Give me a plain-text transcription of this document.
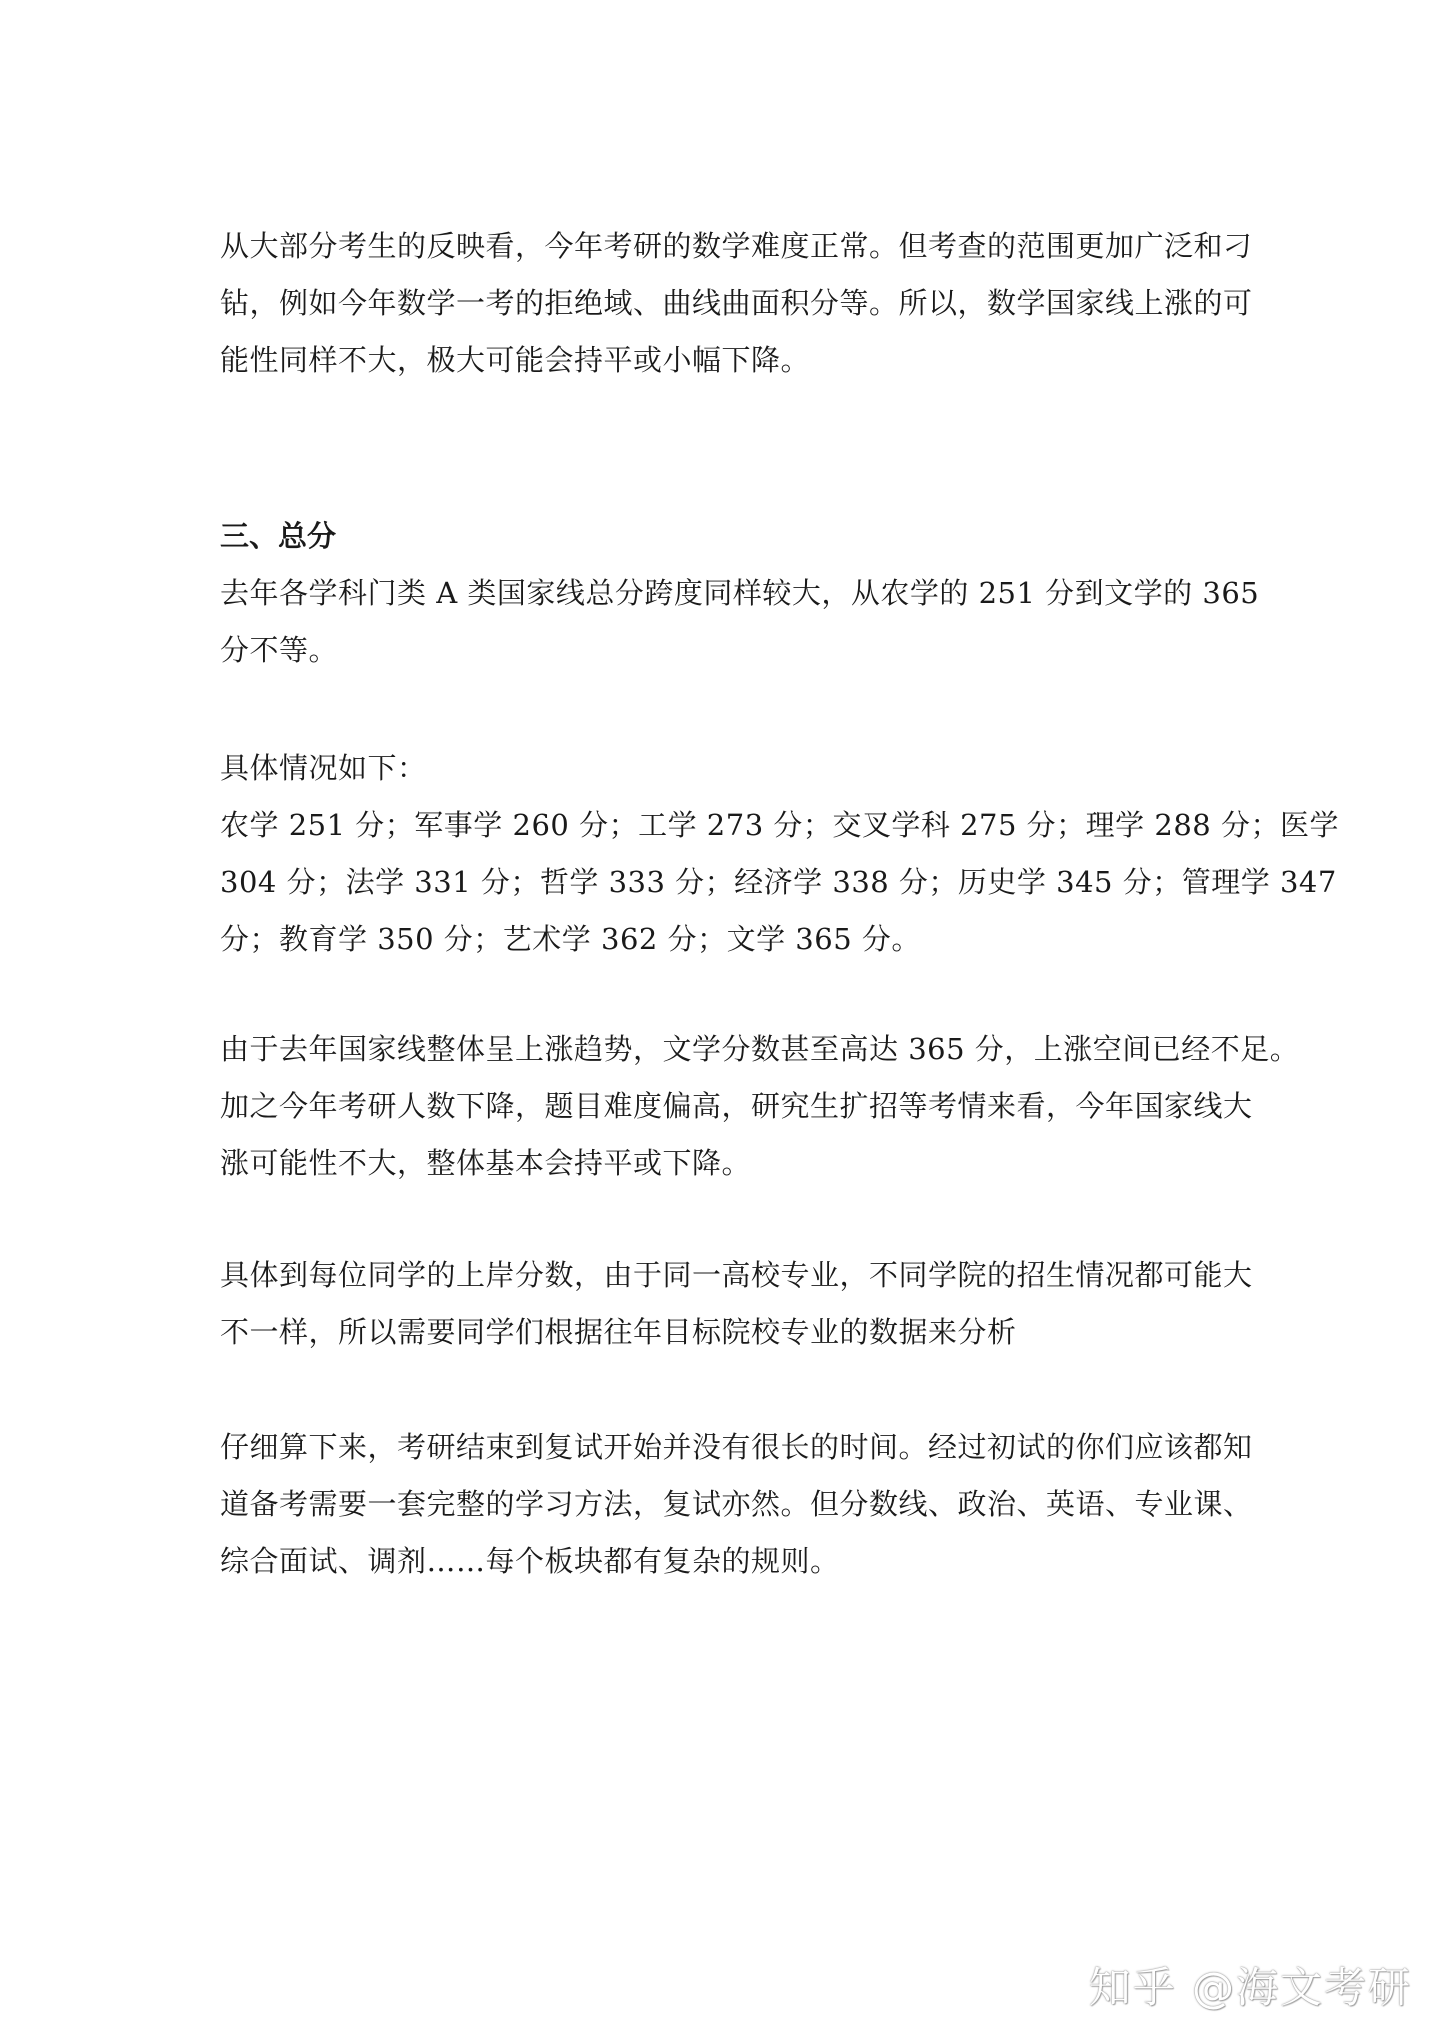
从大部分考生的反映看，今年考研的数学难度正常。但考查的范围更加广泛和刁
钻，例如今年数学一考的拒绝域、曲线曲面积分等。所以，数学国家线上涨的可
能性同样不大，极大可能会持平或小幅下降。

三、总分

去年各学科门类 A 类国家线总分跨度同样较大，从农学的 251 分到文学的 365
分不等。

具体情况如下：
农学 251 分；军事学 260 分；工学 273 分；交叉学科 275 分；理学 288 分；医学
304 分；法学 331 分；哲学 333 分；经济学 338 分；历史学 345 分；管理学 347
分；教育学 350 分；艺术学 362 分；文学 365 分。

由于去年国家线整体呈上涨趋势，文学分数甚至高达 365 分，上涨空间已经不足。
加之今年考研人数下降，题目难度偏高，研究生扩招等考情来看，今年国家线大
涨可能性不大，整体基本会持平或下降。

具体到每位同学的上岸分数，由于同一高校专业，不同学院的招生情况都可能大
不一样，所以需要同学们根据往年目标院校专业的数据来分析

仔细算下来，考研结束到复试开始并没有很长的时间。经过初试的你们应该都知
道备考需要一套完整的学习方法，复试亦然。但分数线、政治、英语、专业课、
综合面试、调剂……每个板块都有复杂的规则。

知乎 @海文考研
